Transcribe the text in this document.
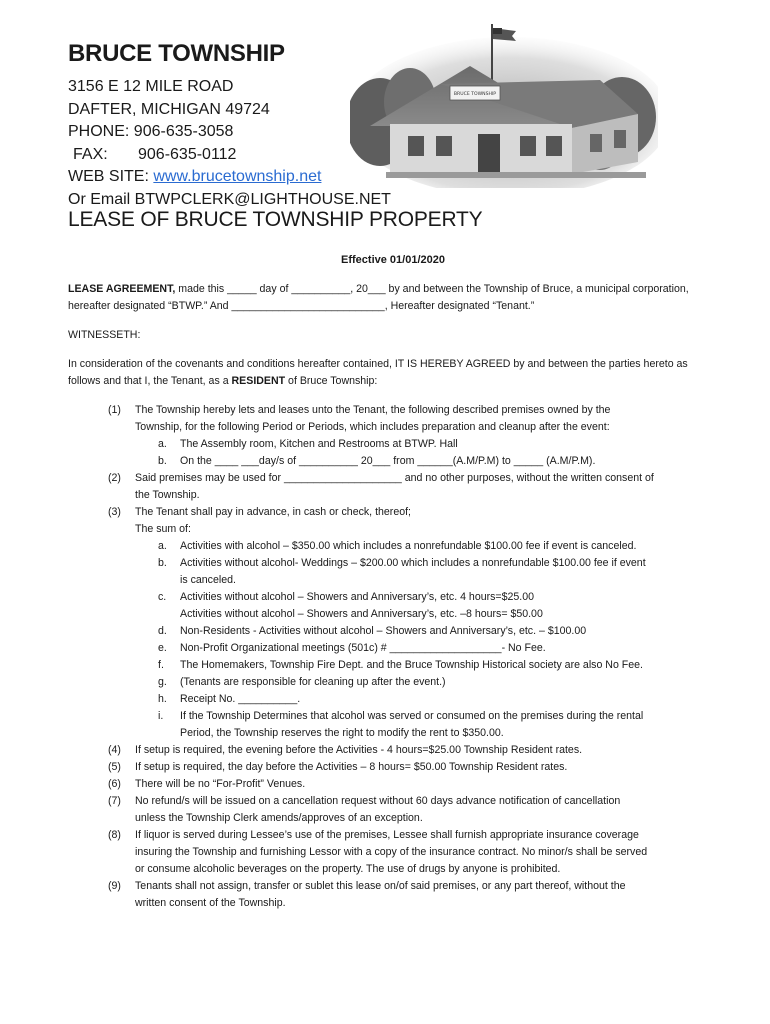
BRUCE TOWNSHIP
3156 E 12 MILE ROAD
DAFTER, MICHIGAN 49724
PHONE: 906-635-3058
FAX: 906-635-0112
WEB SITE: www.brucetownship.net
Or Email BTWPCLERK@LIGHTHOUSE.NET
BRUCE TOWNSHIP
LEASE OF BRUCE TOWNSHIP PROPERTY
Effective 01/01/2020
LEASE AGREEMENT, made this _____ day of __________, 20___ by and between the Township of Bruce, a municipal corporation, hereafter designated “BTWP.” And __________________________, Hereafter designated “Tenant.”
WITNESSETH:
In consideration of the covenants and conditions hereafter contained, IT IS HEREBY AGREED by and between the parties hereto as follows and that I, the Tenant, as a RESIDENT of Bruce Township:
(1) The Township hereby lets and leases unto the Tenant, the following described premises owned by the
Township, for the following Period or Periods, which includes preparation and cleanup after the event:
a. The Assembly room, Kitchen and Restrooms at BTWP. Hall
b. On the ____ ___day/s of __________ 20___ from ______(A.M/P.M) to _____ (A.M/P.M).
(2) Said premises may be used for ____________________ and no other purposes, without the written consent of
the Township.
(3) The Tenant shall pay in advance, in cash or check, thereof;
The sum of:
a. Activities with alcohol – $350.00 which includes a nonrefundable $100.00 fee if event is canceled.
b. Activities without alcohol- Weddings – $200.00 which includes a nonrefundable $100.00 fee if event
is canceled.
c. Activities without alcohol – Showers and Anniversary’s, etc. 4 hours=$25.00
Activities without alcohol – Showers and Anniversary’s, etc. –8 hours= $50.00
d. Non-Residents - Activities without alcohol – Showers and Anniversary’s, etc. – $100.00
e. Non-Profit Organizational meetings (501c) # ___________________- No Fee.
f. The Homemakers, Township Fire Dept. and the Bruce Township Historical society are also No Fee.
g. (Tenants are responsible for cleaning up after the event.)
h. Receipt No. __________.
i. If the Township Determines that alcohol was served or consumed on the premises during the rental
Period, the Township reserves the right to modify the rent to $350.00.
(4) If setup is required, the evening before the Activities - 4 hours=$25.00 Township Resident rates.
(5) If setup is required, the day before the Activities – 8 hours= $50.00 Township Resident rates.
(6) There will be no “For-Profit” Venues.
(7) No refund/s will be issued on a cancellation request without 60 days advance notification of cancellation
unless the Township Clerk amends/approves of an exception.
(8) If liquor is served during Lessee’s use of the premises, Lessee shall furnish appropriate insurance coverage
insuring the Township and furnishing Lessor with a copy of the insurance contract. No minor/s shall be served
or consume alcoholic beverages on the property. The use of drugs by anyone is prohibited.
(9) Tenants shall not assign, transfer or sublet this lease on/of said premises, or any part thereof, without the
written consent of the Township.
